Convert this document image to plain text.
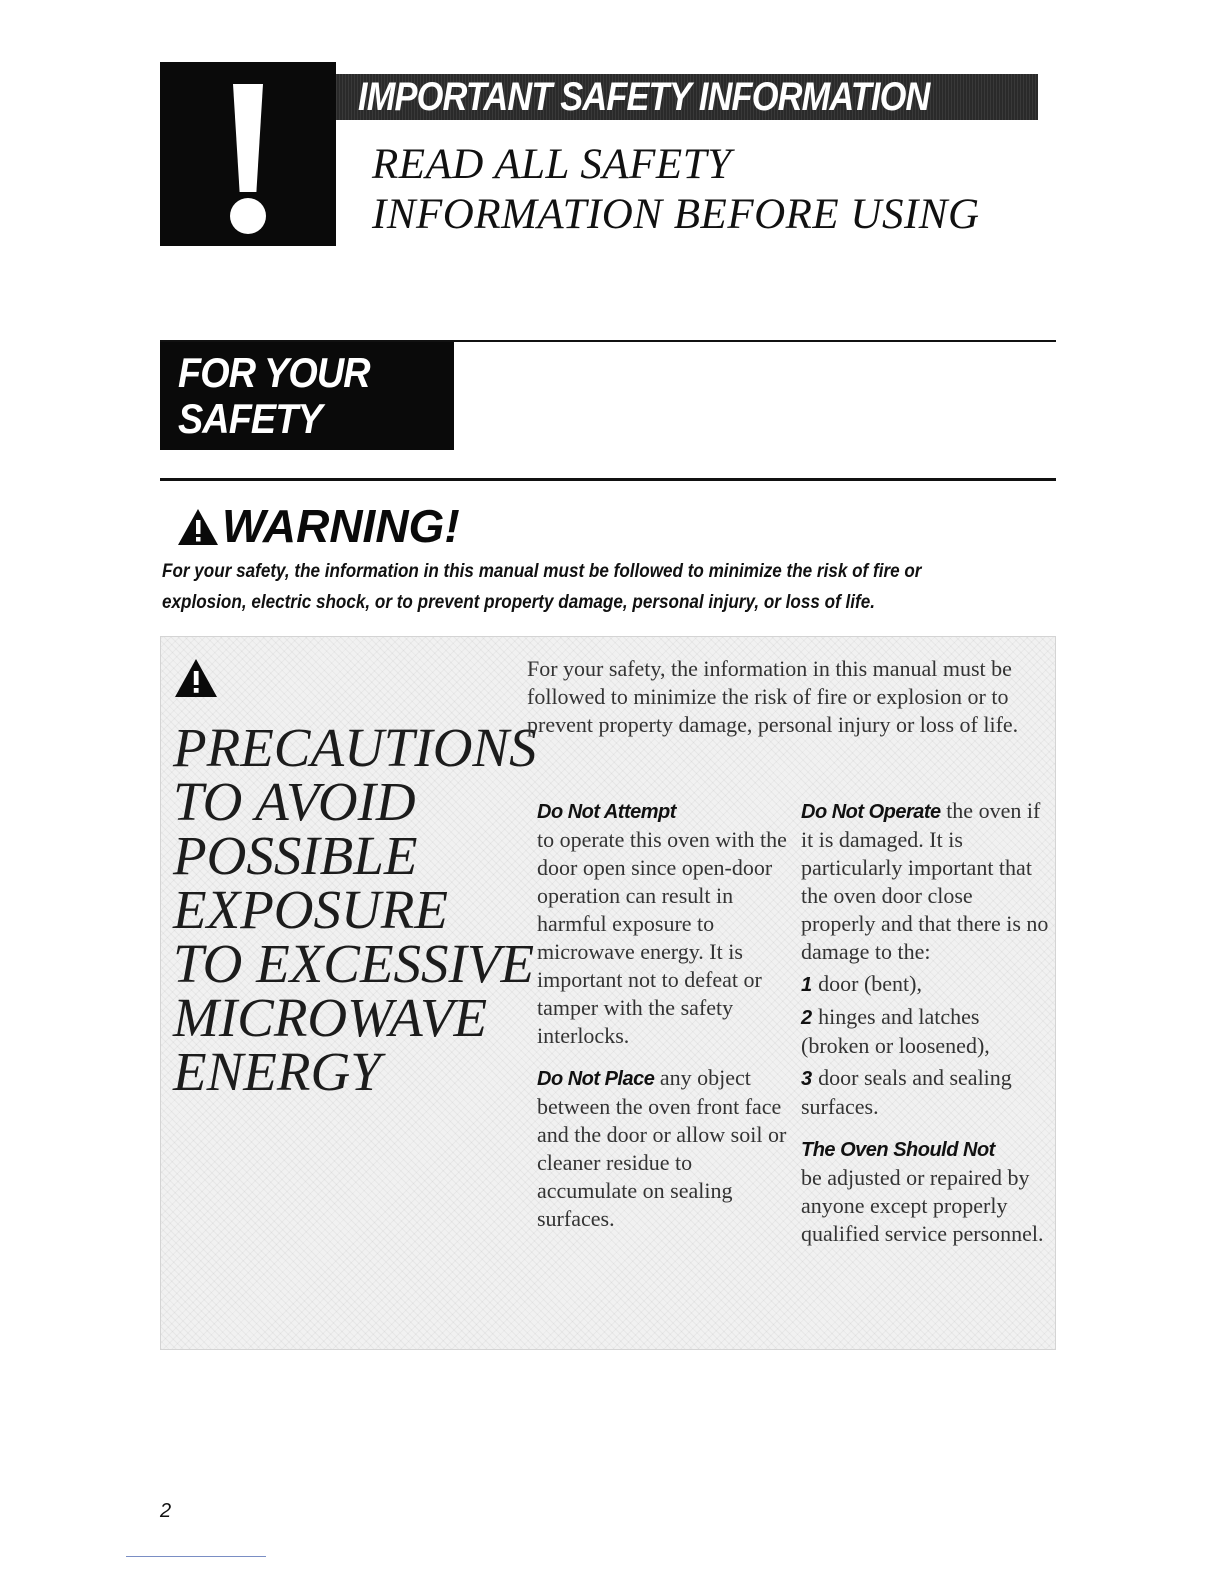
IMPORTANT SAFETY INFORMATION
READ ALL SAFETY
INFORMATION BEFORE USING
FOR YOUR
SAFETY
WARNING!
For your safety, the information in this manual must be followed to minimize the risk of fire or explosion, electric shock, or to prevent property damage, personal injury, or loss of life.
PRECAUTIONS
TO AVOID
POSSIBLE
EXPOSURE
TO EXCESSIVE
MICROWAVE
ENERGY
For your safety, the information in this manual must be followed to minimize the risk of fire or explosion or to prevent property damage, personal injury or loss of life.

Do Not Attempt
to operate this oven with the door open since open-door operation can result in harmful exposure to microwave energy. It is important not to defeat or tamper with the safety interlocks.

Do Not Place any object between the oven front face and the door or allow soil or cleaner residue to accumulate on sealing surfaces.

Do Not Operate the oven if it is damaged. It is particularly important that the oven door close properly and that there is no damage to the:

1 door (bent),

2 hinges and latches (broken or loosened),

3 door seals and sealing surfaces.

The Oven Should Not
be adjusted or repaired by anyone except properly qualified service personnel.

2
